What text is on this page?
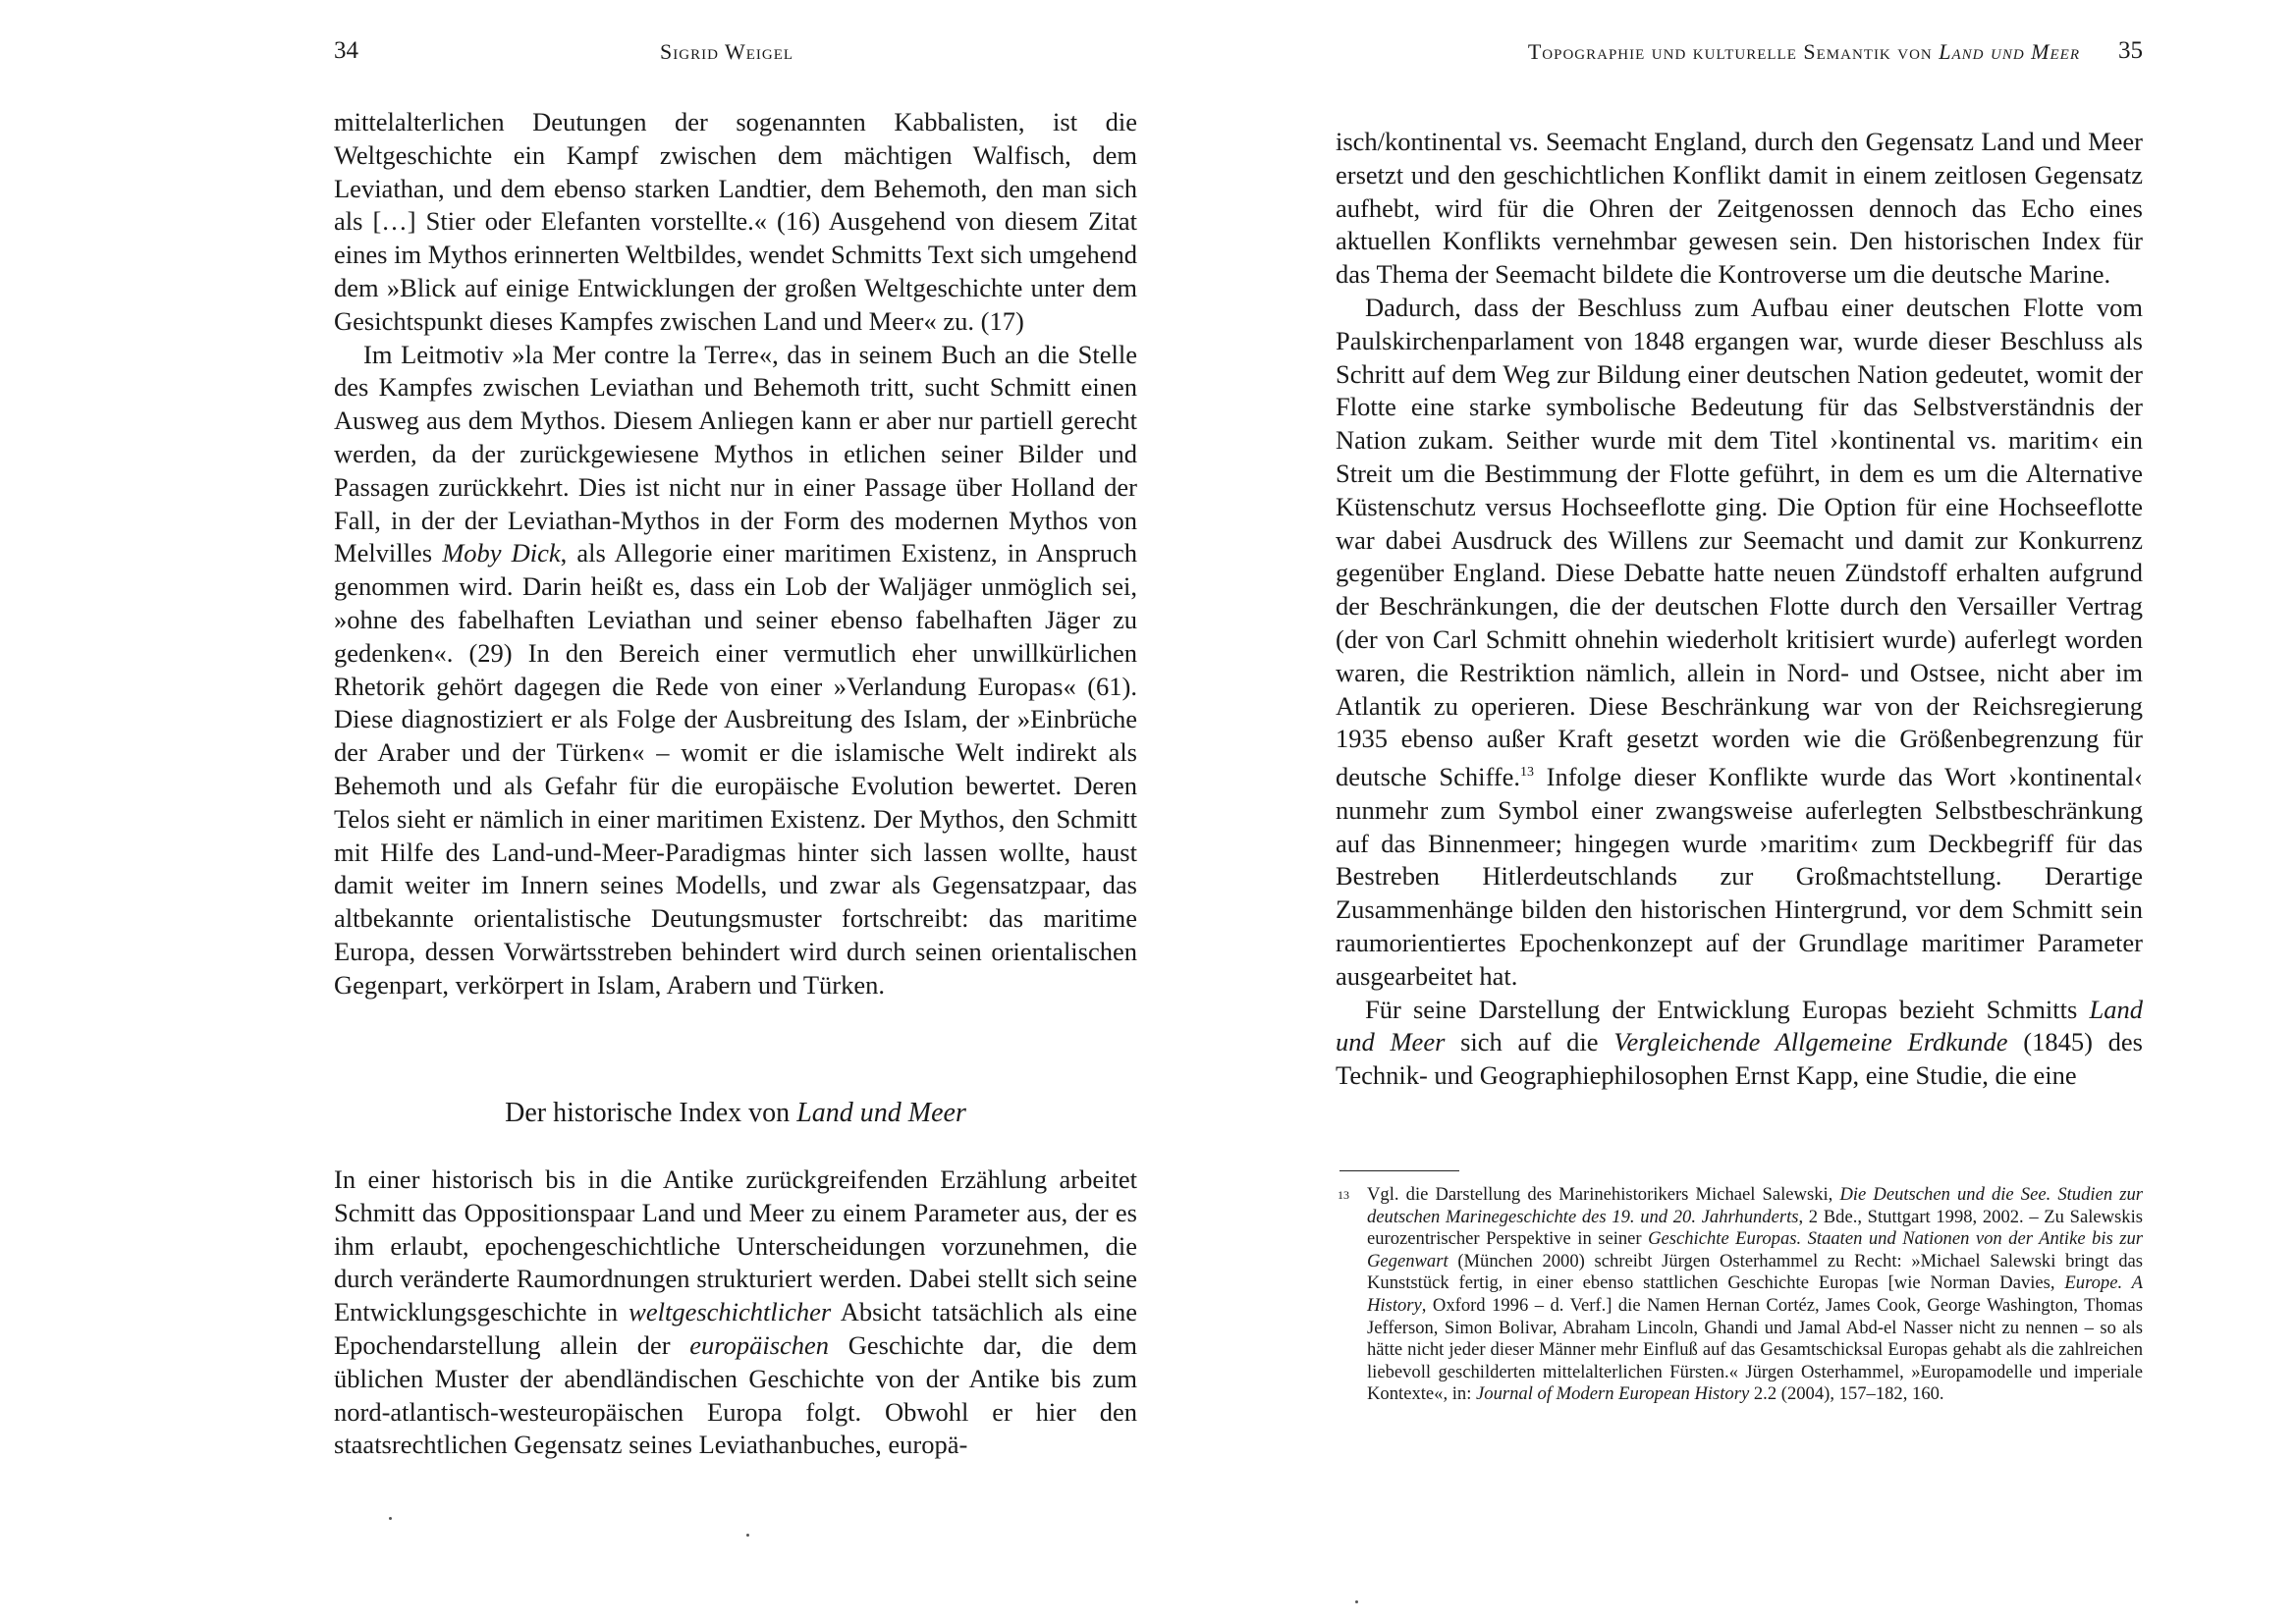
34	Sigrid Weigel

mittelalterlichen Deutungen der sogenannten Kabbalisten, ist die Weltgeschichte ein Kampf zwischen dem mächtigen Walfisch, dem Leviathan, und dem ebenso starken Landtier, dem Behemoth, den man sich als […] Stier oder Elefanten vorstellte.« (16) Ausgehend von diesem Zitat eines im Mythos erinnerten Weltbildes, wendet Schmitts Text sich umgehend dem »Blick auf einige Entwicklungen der großen Weltgeschichte unter dem Gesichtspunkt dieses Kampfes zwischen Land und Meer« zu. (17)

Im Leitmotiv »la Mer contre la Terre«, das in seinem Buch an die Stelle des Kampfes zwischen Leviathan und Behemoth tritt, sucht Schmitt einen Ausweg aus dem Mythos. Diesem Anliegen kann er aber nur partiell gerecht werden, da der zurückgewiesene Mythos in etlichen seiner Bilder und Passagen zurückkehrt. Dies ist nicht nur in einer Passage über Holland der Fall, in der der Leviathan-Mythos in der Form des modernen Mythos von Melvilles Moby Dick, als Allegorie einer maritimen Existenz, in Anspruch genommen wird. Darin heißt es, dass ein Lob der Waljäger unmöglich sei, »ohne des fabelhaften Leviathan und seiner ebenso fabelhaften Jäger zu gedenken«. (29) In den Bereich einer vermutlich eher unwillkürlichen Rhetorik gehört dagegen die Rede von einer »Verlandung Europas« (61). Diese diagnostiziert er als Folge der Ausbreitung des Islam, der »Einbrüche der Araber und der Türken« – womit er die islamische Welt indirekt als Behemoth und als Gefahr für die europäische Evolution bewertet. Deren Telos sieht er nämlich in einer maritimen Existenz. Der Mythos, den Schmitt mit Hilfe des Land-und-Meer-Paradigmas hinter sich lassen wollte, haust damit weiter im Innern seines Modells, und zwar als Gegensatzpaar, das altbekannte orientalistische Deutungsmuster fortschreibt: das maritime Europa, dessen Vorwärtsstreben behindert wird durch seinen orientalischen Gegenpart, verkörpert in Islam, Arabern und Türken.

Der historische Index von Land und Meer

In einer historisch bis in die Antike zurückgreifenden Erzählung arbeitet Schmitt das Oppositionspaar Land und Meer zu einem Parameter aus, der es ihm erlaubt, epochengeschichtliche Unterscheidungen vorzunehmen, die durch veränderte Raumordnungen strukturiert werden. Dabei stellt sich seine Entwicklungsgeschichte in weltgeschichtlicher Absicht tatsächlich als eine Epochendarstellung allein der europäischen Geschichte dar, die dem üblichen Muster der abendländischen Geschichte von der Antike bis zum nord-atlantisch-westeuropäischen Europa folgt. Obwohl er hier den staatsrechtlichen Gegensatz seines Leviathanbuches, europä-

Topographie und kulturelle Semantik von Land und Meer 35

isch/kontinental vs. Seemacht England, durch den Gegensatz Land und Meer ersetzt und den geschichtlichen Konflikt damit in einem zeitlosen Gegensatz aufhebt, wird für die Ohren der Zeitgenossen dennoch das Echo eines aktuellen Konflikts vernehmbar gewesen sein. Den historischen Index für das Thema der Seemacht bildete die Kontroverse um die deutsche Marine.

Dadurch, dass der Beschluss zum Aufbau einer deutschen Flotte vom Paulskirchenparlament von 1848 ergangen war, wurde dieser Beschluss als Schritt auf dem Weg zur Bildung einer deutschen Nation gedeutet, womit der Flotte eine starke symbolische Bedeutung für das Selbstverständnis der Nation zukam. Seither wurde mit dem Titel ›kontinental vs. maritim‹ ein Streit um die Bestimmung der Flotte geführt, in dem es um die Alternative Küstenschutz versus Hochseeflotte ging. Die Option für eine Hochseeflotte war dabei Ausdruck des Willens zur Seemacht und damit zur Konkurrenz gegenüber England. Diese Debatte hatte neuen Zündstoff erhalten aufgrund der Beschränkungen, die der deutschen Flotte durch den Versailler Vertrag (der von Carl Schmitt ohnehin wiederholt kritisiert wurde) auferlegt worden waren, die Restriktion nämlich, allein in Nord- und Ostsee, nicht aber im Atlantik zu operieren. Diese Beschränkung war von der Reichsregierung 1935 ebenso außer Kraft gesetzt worden wie die Größenbegrenzung für deutsche Schiffe.$^{13}$ Infolge dieser Konflikte wurde das Wort ›kontinental‹ nunmehr zum Symbol einer zwangsweise auferlegten Selbstbeschränkung auf das Binnenmeer; hingegen wurde ›maritim‹ zum Deckbegriff für das Bestreben Hitlerdeutschlands zur Großmachtstellung. Derartige Zusammenhänge bilden den historischen Hintergrund, vor dem Schmitt sein raumorientiertes Epochenkonzept auf der Grundlage maritimer Parameter ausgearbeitet hat.

Für seine Darstellung der Entwicklung Europas bezieht Schmitts Land und Meer sich auf die Vergleichende Allgemeine Erdkunde (1845) des Technik- und Geographiephilosophen Ernst Kapp, eine Studie, die eine

13 Vgl. die Darstellung des Marinehistorikers Michael Salewski, Die Deutschen und die See. Studien zur deutschen Marinegeschichte des 19. und 20. Jahrhunderts, 2 Bde., Stuttgart 1998, 2002. – Zu Salewskis eurozentrischer Perspektive in seiner Geschichte Europas. Staaten und Nationen von der Antike bis zur Gegenwart (München 2000) schreibt Jürgen Osterhammel zu Recht: »Michael Salewski bringt das Kunststück fertig, in einer ebenso stattlichen Geschichte Europas [wie Norman Davies, Europe. A History, Oxford 1996 – d. Verf.] die Namen Hernan Cortéz, James Cook, George Washington, Thomas Jefferson, Simon Bolivar, Abraham Lincoln, Ghandi und Jamal Abd-el Nasser nicht zu nennen – so als hätte nicht jeder dieser Männer mehr Einfluß auf das Gesamtschicksal Europas gehabt als die zahlreichen liebevoll geschilderten mittelalterlichen Fürsten.« Jürgen Osterhammel, »Europamodelle und imperiale Kontexte«, in: Journal of Modern European History 2.2 (2004), 157–182, 160.
